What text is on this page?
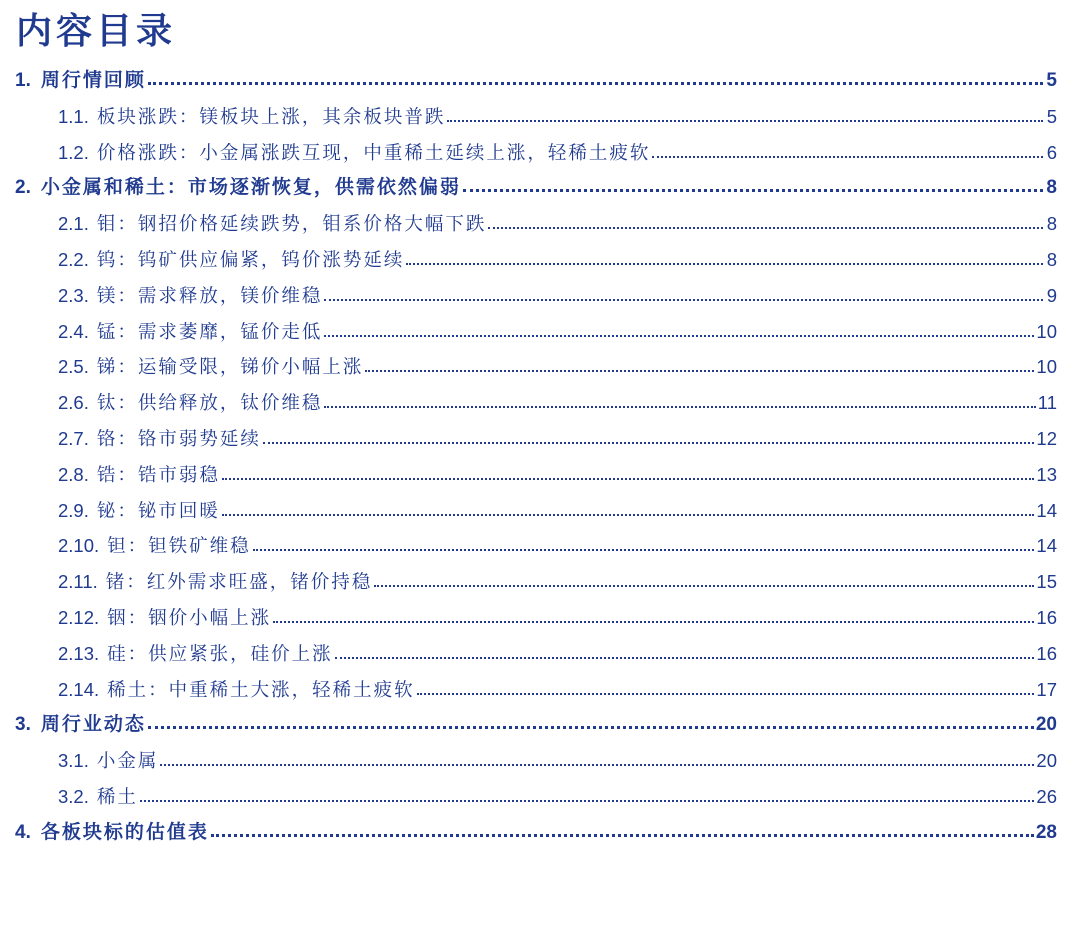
内容目录
1. 周行情回顾	5
1.1. 板块涨跌：镁板块上涨，其余板块普跌	5
1.2. 价格涨跌：小金属涨跌互现，中重稀土延续上涨，轻稀土疲软	6
2. 小金属和稀土：市场逐渐恢复，供需依然偏弱	8
2.1. 钼：钢招价格延续跌势，钼系价格大幅下跌	8
2.2. 钨：钨矿供应偏紧，钨价涨势延续	8
2.3. 镁：需求释放，镁价维稳	9
2.4. 锰：需求萎靡，锰价走低	10
2.5. 锑：运输受限，锑价小幅上涨	10
2.6. 钛：供给释放，钛价维稳	11
2.7. 铬：铬市弱势延续	12
2.8. 锆：锆市弱稳	13
2.9. 铋：铋市回暖	14
2.10. 钽：钽铁矿维稳	14
2.11. 锗：红外需求旺盛，锗价持稳	15
2.12. 铟：铟价小幅上涨	16
2.13. 硅：供应紧张，硅价上涨	16
2.14. 稀土：中重稀土大涨，轻稀土疲软	17
3. 周行业动态	20
3.1. 小金属	20
3.2. 稀土	26
4. 各板块标的估值表	28
